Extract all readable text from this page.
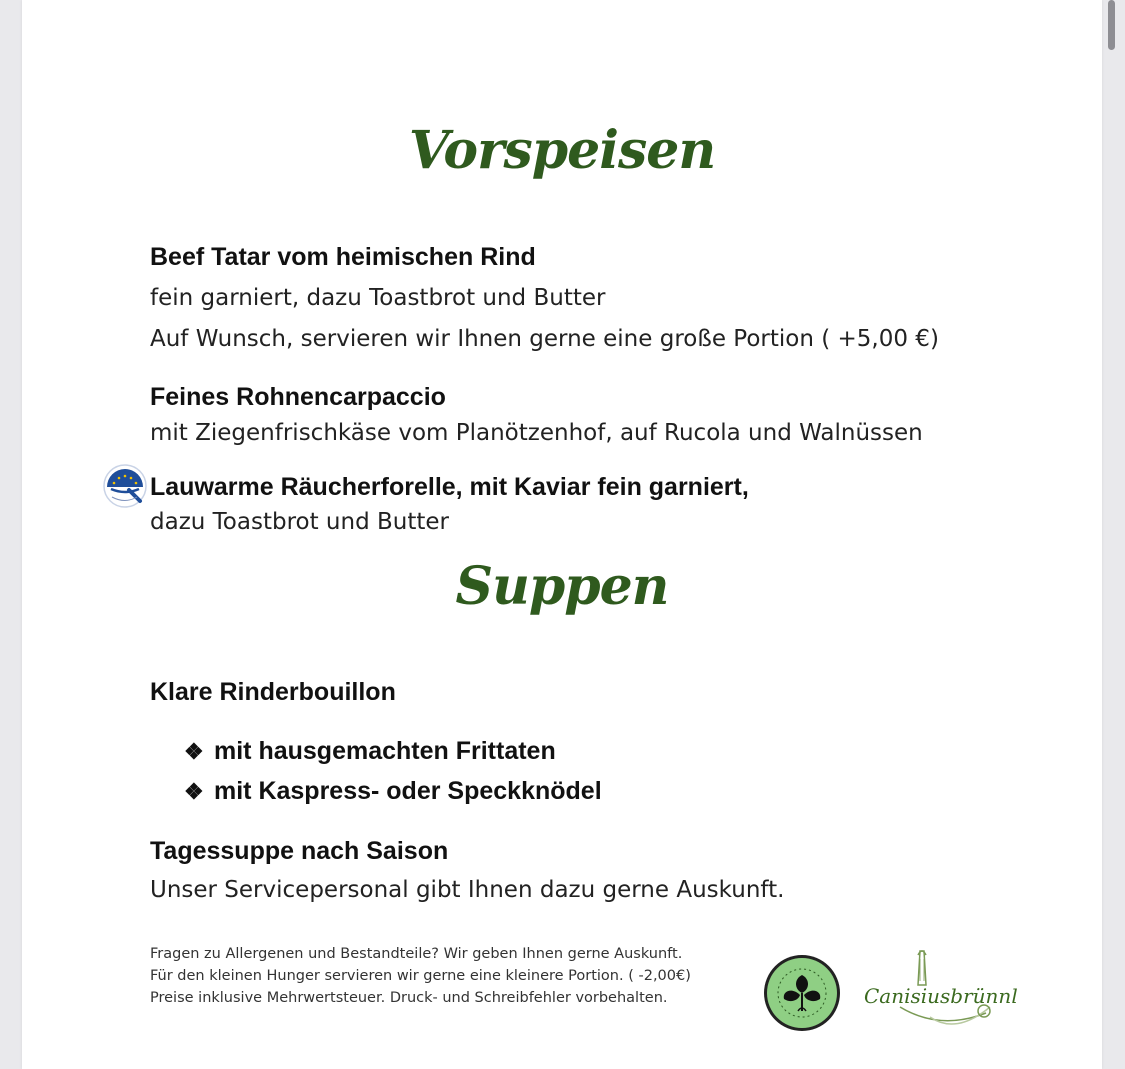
Vorspeisen
Beef Tatar vom heimischen Rind
fein garniert, dazu Toastbrot und Butter
Auf Wunsch, servieren wir Ihnen gerne eine große Portion ( +5,00 €)
Feines Rohnencarpaccio
mit Ziegenfrischkäse vom Planötzenhof, auf Rucola und Walnüssen
Lauwarme Räucherforelle, mit Kaviar fein garniert,
dazu Toastbrot und Butter
Suppen
Klare Rinderbouillon
❖ mit hausgemachten Frittaten
❖ mit Kaspress- oder Speckknödel
Tagessuppe nach Saison
Unser Servicepersonal gibt Ihnen dazu gerne Auskunft.
Fragen zu Allergenen und Bestandteile? Wir geben Ihnen gerne Auskunft.
Für den kleinen Hunger servieren wir gerne eine kleinere Portion. ( -2,00€)
Preise inklusive Mehrwertsteuer. Druck- und Schreibfehler vorbehalten.	Canisiusbrünnl
